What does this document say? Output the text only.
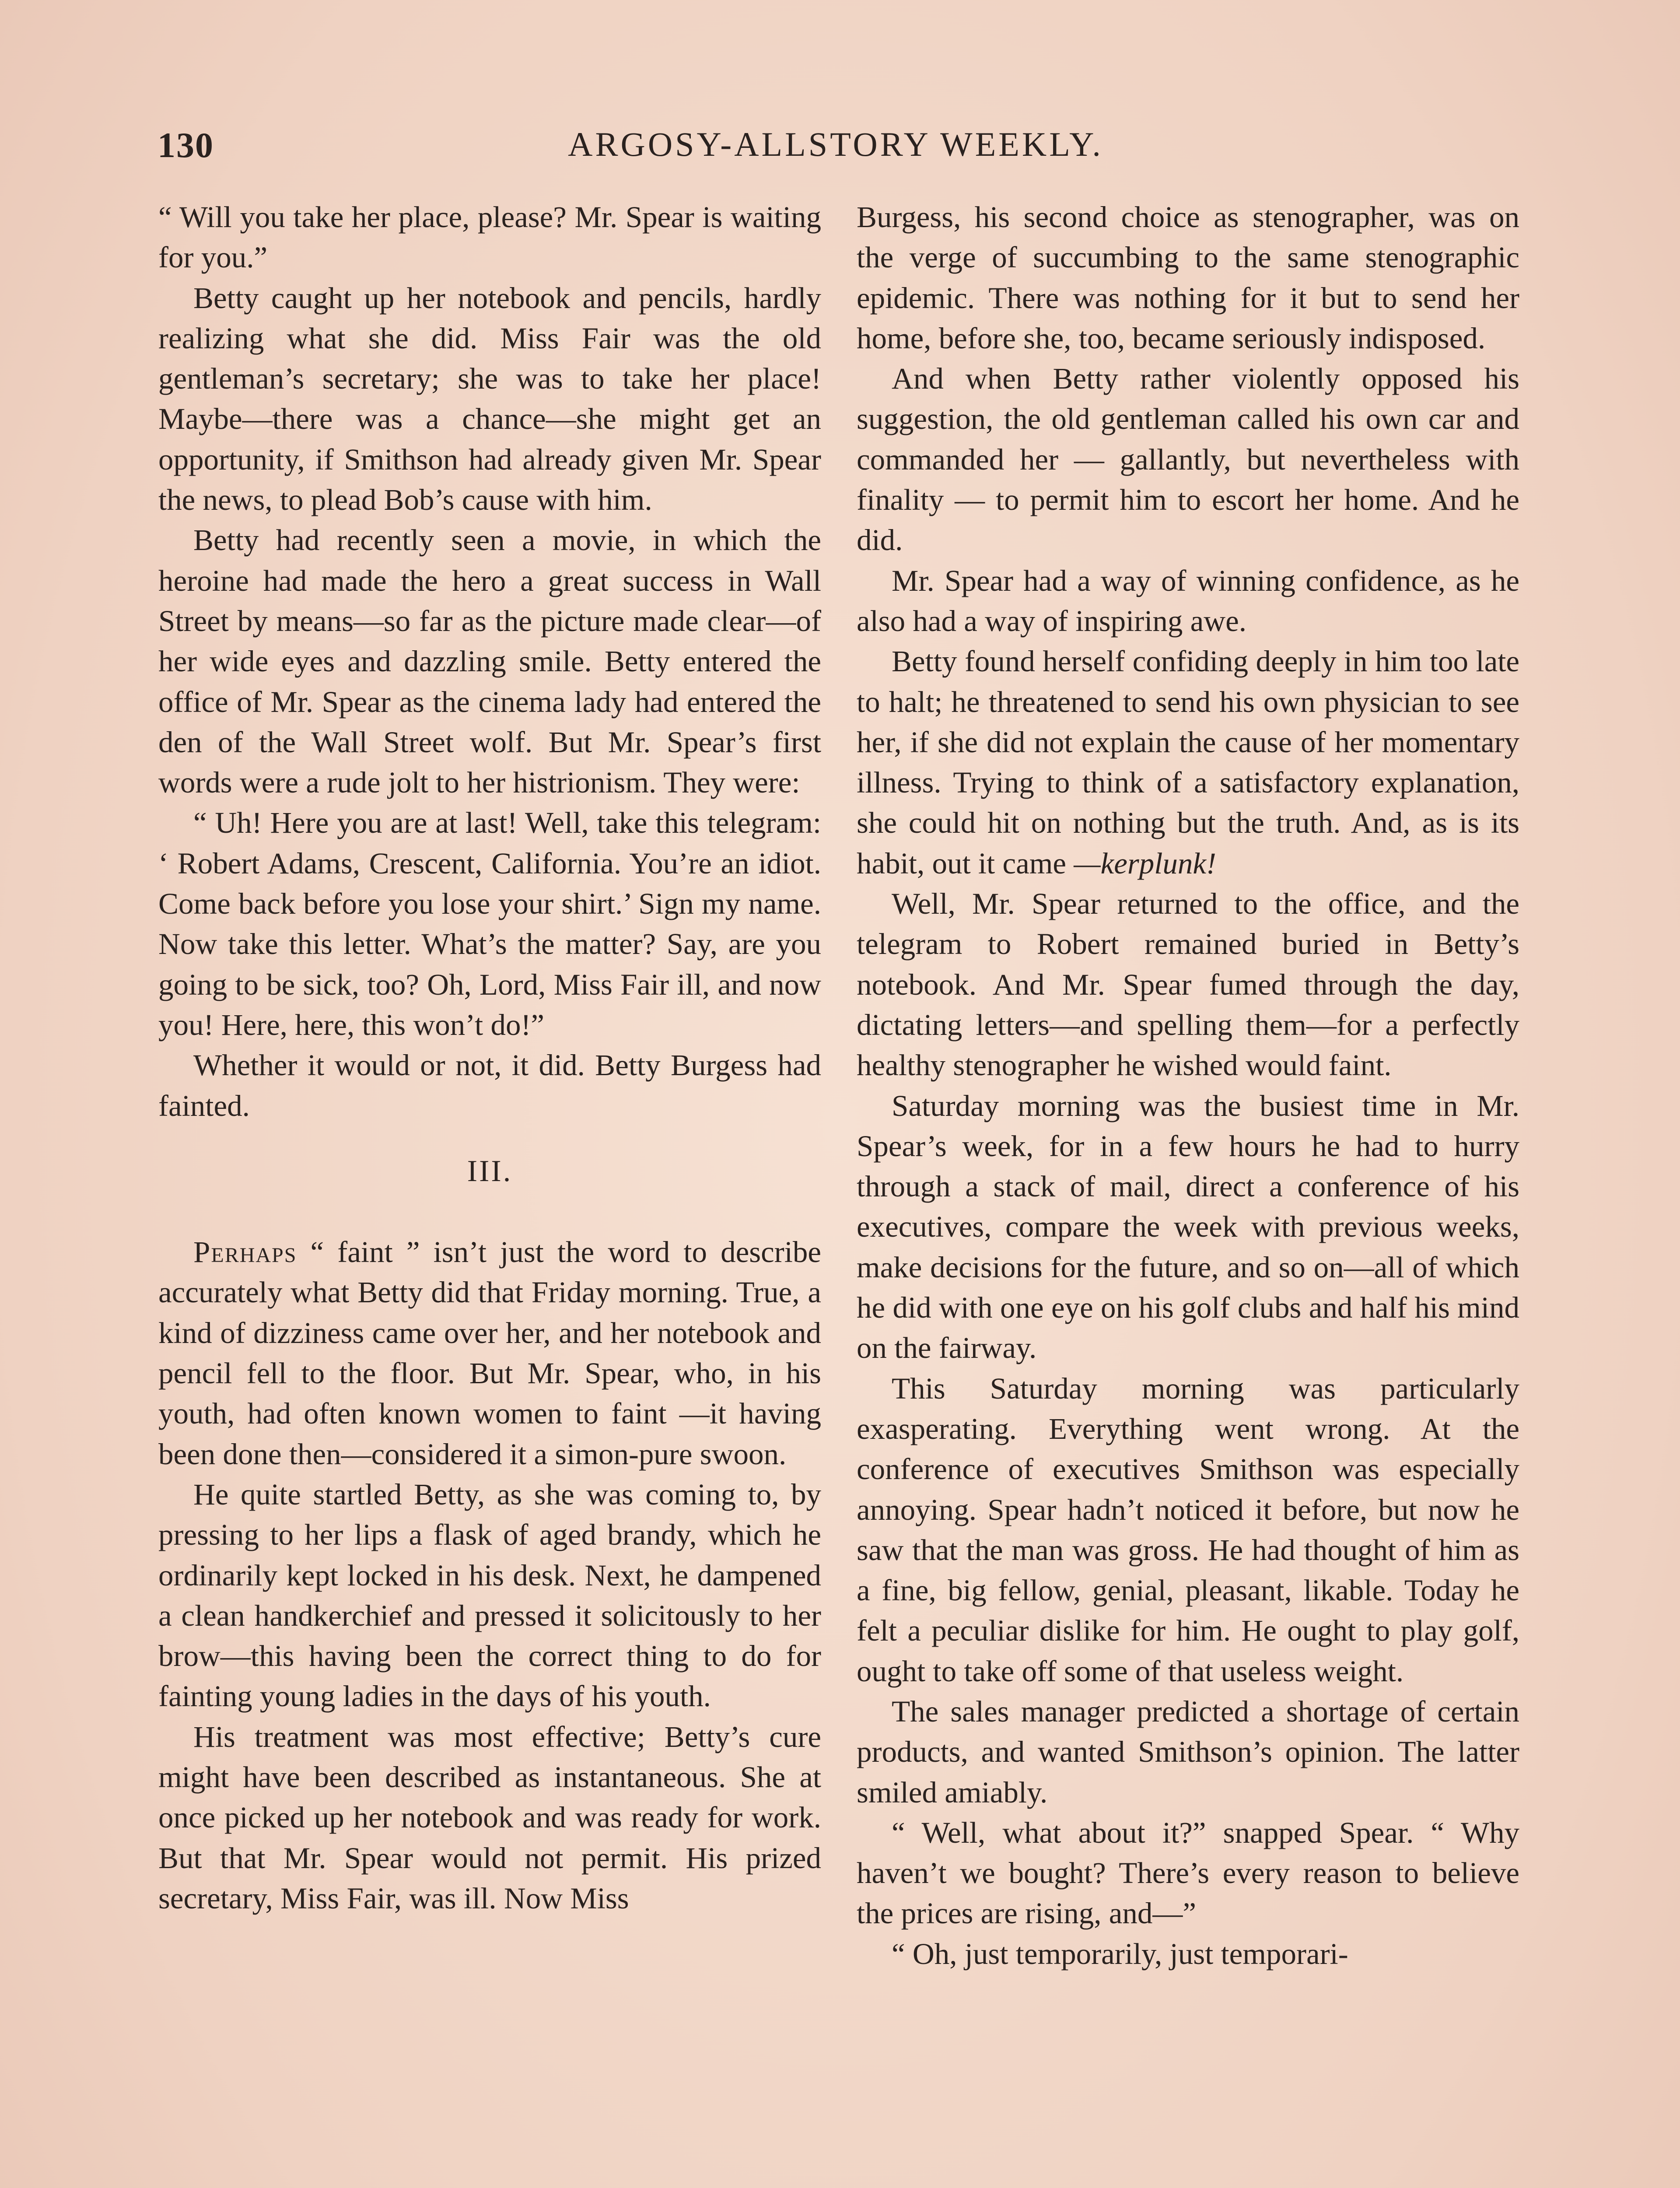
130	ARGOSY-ALLSTORY WEEKLY.

“ Will you take her place, please? Mr. Spear is waiting for you.”

Betty caught up her notebook and pencils, hardly realizing what she did. Miss Fair was the old gentleman’s secretary; she was to take her place! Maybe—there was a chance—she might get an opportunity, if Smithson had already given Mr. Spear the news, to plead Bob’s cause with him.

Betty had recently seen a movie, in which the heroine had made the hero a great success in Wall Street by means—so far as the picture made clear—of her wide eyes and dazzling smile. Betty entered the office of Mr. Spear as the cinema lady had entered the den of the Wall Street wolf. But Mr. Spear’s first words were a rude jolt to her histrionism. They were:

“ Uh! Here you are at last! Well, take this telegram: ‘ Robert Adams, Crescent, California. You’re an idiot. Come back before you lose your shirt.’ Sign my name. Now take this letter. What’s the matter? Say, are you going to be sick, too? Oh, Lord, Miss Fair ill, and now you! Here, here, this won’t do!”

Whether it would or not, it did. Betty Burgess had fainted.

III.

Perhaps “ faint ” isn’t just the word to describe accurately what Betty did that Friday morning. True, a kind of dizziness came over her, and her notebook and pencil fell to the floor. But Mr. Spear, who, in his youth, had often known women to faint —it having been done then—considered it a simon-pure swoon.

He quite startled Betty, as she was coming to, by pressing to her lips a flask of aged brandy, which he ordinarily kept locked in his desk. Next, he dampened a clean handkerchief and pressed it solicitously to her brow—this having been the correct thing to do for fainting young ladies in the days of his youth.

His treatment was most effective; Betty’s cure might have been described as instantaneous. She at once picked up her notebook and was ready for work. But that Mr. Spear would not permit. His prized secretary, Miss Fair, was ill. Now Miss

Burgess, his second choice as stenographer, was on the verge of succumbing to the same stenographic epidemic. There was nothing for it but to send her home, before she, too, became seriously indisposed.

And when Betty rather violently opposed his suggestion, the old gentleman called his own car and commanded her — gallantly, but nevertheless with finality — to permit him to escort her home. And he did.

Mr. Spear had a way of winning confidence, as he also had a way of inspiring awe.

Betty found herself confiding deeply in him too late to halt; he threatened to send his own physician to see her, if she did not explain the cause of her momentary illness. Trying to think of a satisfactory explanation, she could hit on nothing but the truth. And, as is its habit, out it came —kerplunk!

Well, Mr. Spear returned to the office, and the telegram to Robert remained buried in Betty’s notebook. And Mr. Spear fumed through the day, dictating letters—and spelling them—for a perfectly healthy stenographer he wished would faint.

Saturday morning was the busiest time in Mr. Spear’s week, for in a few hours he had to hurry through a stack of mail, direct a conference of his executives, compare the week with previous weeks, make decisions for the future, and so on—all of which he did with one eye on his golf clubs and half his mind on the fairway.

This Saturday morning was particularly exasperating. Everything went wrong. At the conference of executives Smithson was especially annoying. Spear hadn’t noticed it before, but now he saw that the man was gross. He had thought of him as a fine, big fellow, genial, pleasant, likable. Today he felt a peculiar dislike for him. He ought to play golf, ought to take off some of that useless weight.

The sales manager predicted a shortage of certain products, and wanted Smithson’s opinion. The latter smiled amiably.

“ Well, what about it?” snapped Spear. “ Why haven’t we bought? There’s every reason to believe the prices are rising, and—”

“ Oh, just temporarily, just temporari-
